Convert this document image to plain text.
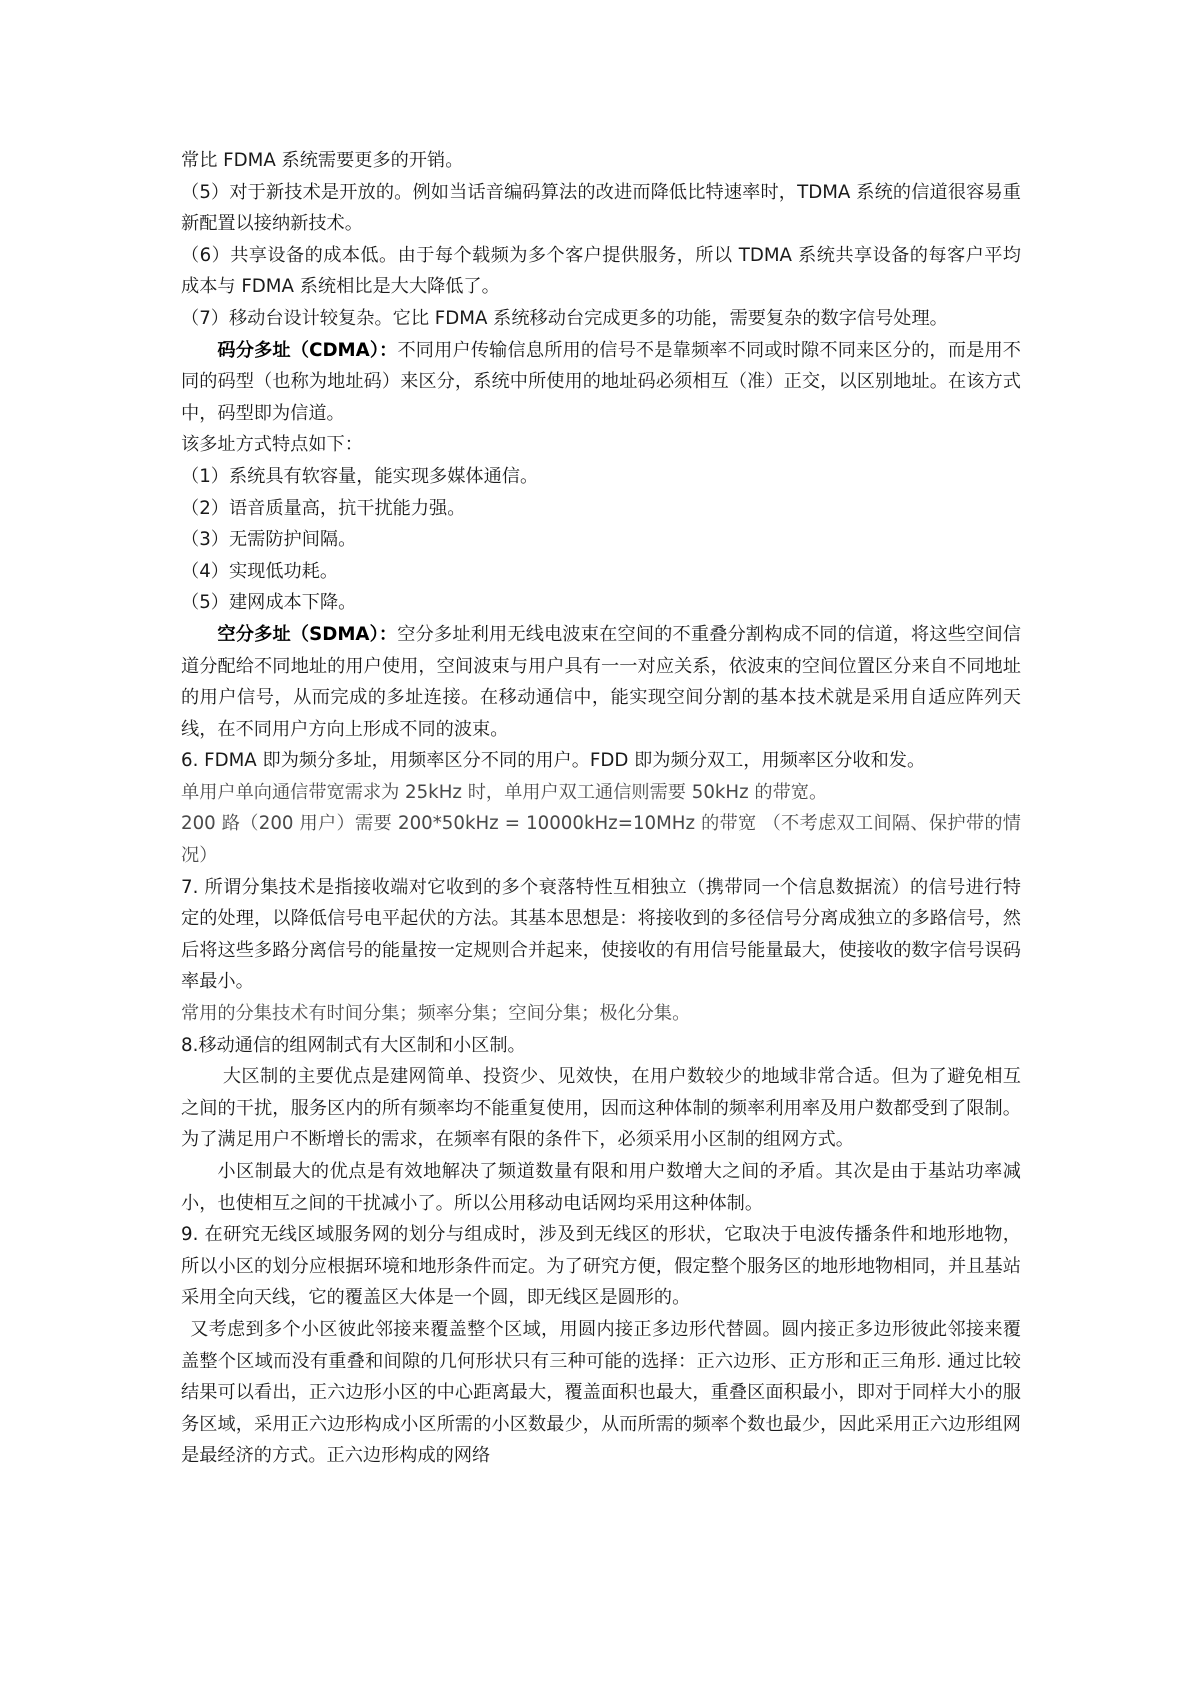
常比 FDMA 系统需要更多的开销。

（5）对于新技术是开放的。例如当话音编码算法的改进而降低比特速率时，TDMA 系统的信道很容易重新配置以接纳新技术。

（6）共享设备的成本低。由于每个载频为多个客户提供服务，所以 TDMA 系统共享设备的每客户平均成本与 FDMA 系统相比是大大降低了。

（7）移动台设计较复杂。它比 FDMA 系统移动台完成更多的功能，需要复杂的数字信号处理。

码分多址（CDMA）：不同用户传输信息所用的信号不是靠频率不同或时隙不同来区分的，而是用不同的码型（也称为地址码）来区分，系统中所使用的地址码必须相互（准）正交，以区别地址。在该方式中，码型即为信道。

该多址方式特点如下：

（1）系统具有软容量，能实现多媒体通信。

（2）语音质量高，抗干扰能力强。

（3）无需防护间隔。

（4）实现低功耗。

（5）建网成本下降。

空分多址（SDMA）：空分多址利用无线电波束在空间的不重叠分割构成不同的信道，将这些空间信道分配给不同地址的用户使用，空间波束与用户具有一一对应关系，依波束的空间位置区分来自不同地址的用户信号，从而完成的多址连接。在移动通信中，能实现空间分割的基本技术就是采用自适应阵列天线，在不同用户方向上形成不同的波束。

6. FDMA 即为频分多址，用频率区分不同的用户。FDD 即为频分双工，用频率区分收和发。

单用户单向通信带宽需求为 25kHz 时，单用户双工通信则需要 50kHz 的带宽。

200 路（200 用户）需要 200*50kHz = 10000kHz=10MHz 的带宽 （不考虑双工间隔、保护带的情况）

7. 所谓分集技术是指接收端对它收到的多个衰落特性互相独立（携带同一个信息数据流）的信号进行特定的处理，以降低信号电平起伏的方法。其基本思想是：将接收到的多径信号分离成独立的多路信号，然后将这些多路分离信号的能量按一定规则合并起来，使接收的有用信号能量最大，使接收的数字信号误码率最小。

常用的分集技术有时间分集；频率分集；空间分集；极化分集。

8.移动通信的组网制式有大区制和小区制。

大区制的主要优点是建网简单、投资少、见效快，在用户数较少的地域非常合适。但为了避免相互之间的干扰，服务区内的所有频率均不能重复使用，因而这种体制的频率利用率及用户数都受到了限制。为了满足用户不断增长的需求，在频率有限的条件下，必须采用小区制的组网方式。

小区制最大的优点是有效地解决了频道数量有限和用户数增大之间的矛盾。其次是由于基站功率减小，也使相互之间的干扰减小了。所以公用移动电话网均采用这种体制。

9. 在研究无线区域服务网的划分与组成时，涉及到无线区的形状，它取决于电波传播条件和地形地物，所以小区的划分应根据环境和地形条件而定。为了研究方便，假定整个服务区的地形地物相同，并且基站采用全向天线，它的覆盖区大体是一个圆，即无线区是圆形的。

又考虑到多个小区彼此邻接来覆盖整个区域，用圆内接正多边形代替圆。圆内接正多边形彼此邻接来覆盖整个区域而没有重叠和间隙的几何形状只有三种可能的选择：正六边形、正方形和正三角形. 通过比较结果可以看出，正六边形小区的中心距离最大，覆盖面积也最大，重叠区面积最小，即对于同样大小的服务区域，采用正六边形构成小区所需的小区数最少，从而所需的频率个数也最少，因此采用正六边形组网是最经济的方式。正六边形构成的网络
